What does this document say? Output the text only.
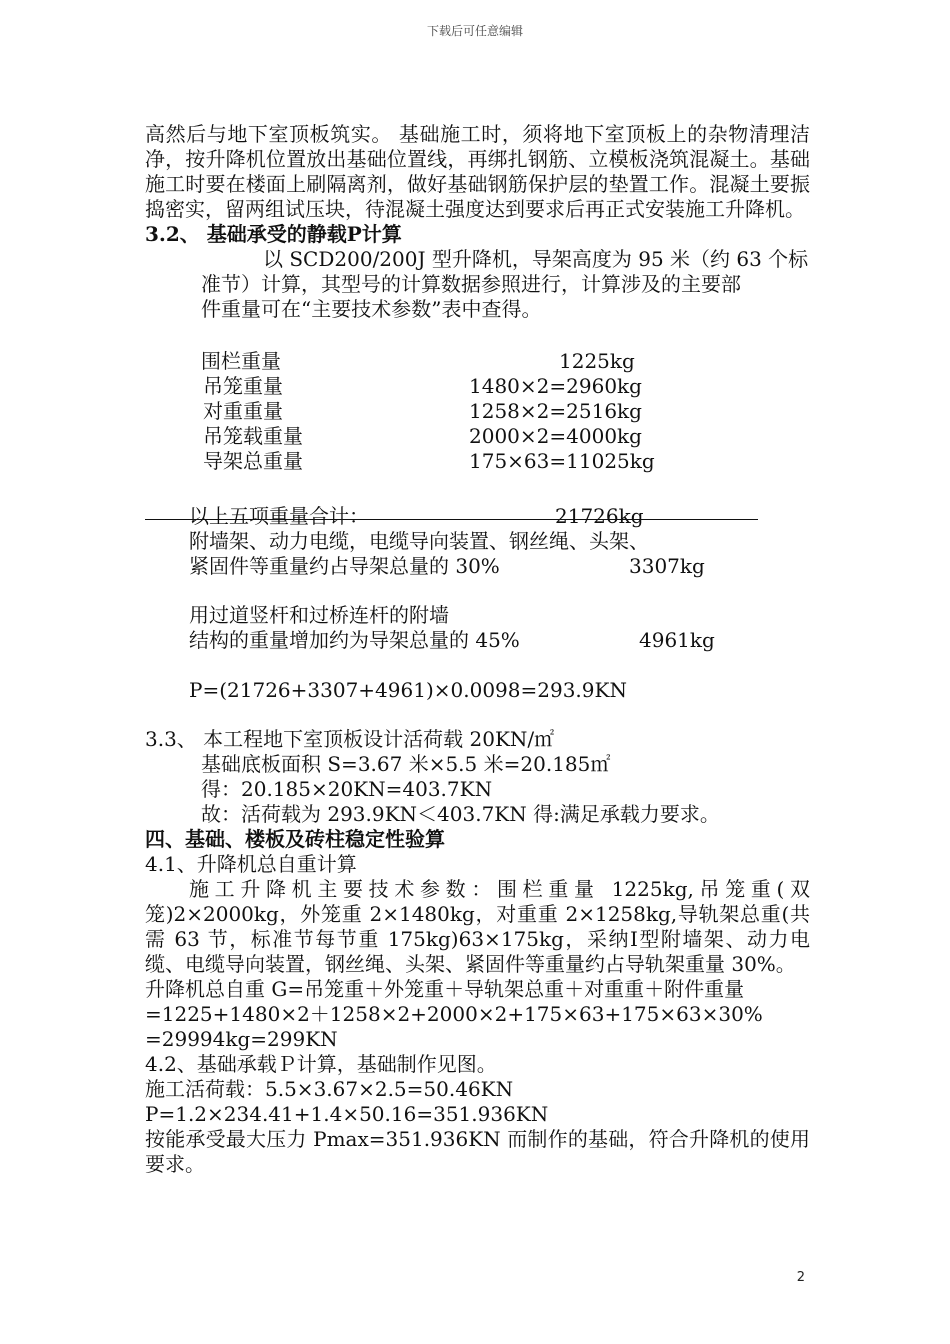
下载后可任意编辑

高然后与地下室顶板筑实。 基础施工时，须将地下室顶板上的杂物清理洁净，按升降机位置放出基础位置线，再绑扎钢筋、立模板浇筑混凝土。基础施工时要在楼面上刷隔离剂，做好基础钢筋保护层的垫置工作。混凝土要振捣密实，留两组试压块，待混凝土强度达到要求后再正式安装施工升降机。

3.2、 基础承受的静载P计算

以 SCD200/200J 型升降机，导架高度为 95 米（约 63 个标

准节）计算，其型号的计算数据参照进行，计算涉及的主要部

件重量可在“主要技术参数”表中查得。

围栏重量	1225kg
吊笼重量	1480×2=2960kg
对重重量	1258×2=2516kg
吊笼载重量	2000×2=4000kg
导架总重量	175×63=11025kg
以上五项重量合计：	21726kg

附墙架、动力电缆，电缆导向装置、钢丝绳、头架、

紧固件等重量约占导架总量的 30%	3307kg

用过道竖杆和过桥连杆的附墙

结构的重量增加约为导架总量的 45%	4961kg

P=(21726+3307+4961)×0.0098=293.9KN

3.3、 本工程地下室顶板设计活荷载 20KN/㎡

基础底板面积 S=3.67 米×5.5 米=20.185㎡

得：20.185×20KN=403.7KN

故：活荷载为 293.9KN＜403.7KN 得:满足承载力要求。

四、基础、楼板及砖柱稳定性验算

4.1、升降机总自重计算

施工升降机主要技术参数：围栏重量 1225kg,吊笼重(双笼)2×2000kg，外笼重 2×1480kg，对重重 2×1258kg,导轨架总重(共需 63 节，标准节每节重 175kg)63×175kg，采纳Ⅰ型附墙架、动力电缆、电缆导向装置，钢丝绳、头架、紧固件等重量约占导轨架重量 30%。

升降机总自重 G=吊笼重＋外笼重＋导轨架总重＋对重重＋附件重量

=1225+1480×2＋1258×2+2000×2+175×63+175×63×30%

=29994kg=299KN

4.2、基础承载Ｐ计算，基础制作见图。

施工活荷载：5.5×3.67×2.5=50.46KN

P=1.2×234.41+1.4×50.16=351.936KN

按能承受最大压力 Pmax=351.936KN 而制作的基础，符合升降机的使用要求。

2
